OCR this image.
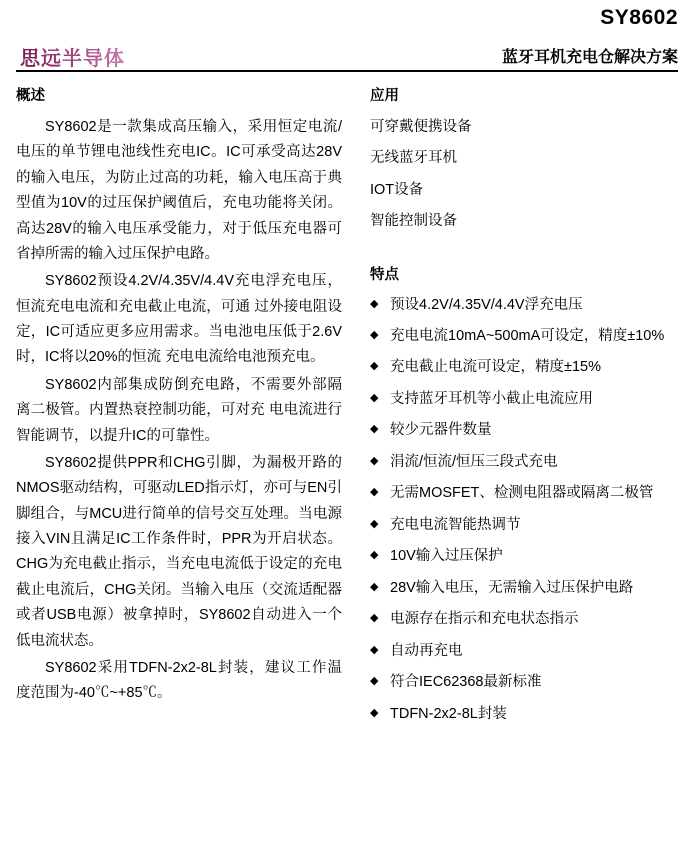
SY8602
思远半导体	蓝牙耳机充电仓解决方案
概述

SY8602是一款集成高压输入，采用恒定电流/电压的单节锂电池线性充电IC。IC可承受高达28V的输入电压，为防止过高的功耗，输入电压高于典型值为10V的过压保护阈值后，充电功能将关闭。高达28V的输入电压承受能力，对于低压充电器可省掉所需的输入过压保护电路。

SY8602预设4.2V/4.35V/4.4V充电浮充电压，恒流充电电流和充电截止电流，可通 过外接电阻设定，IC可适应更多应用需求。当电池电压低于2.6V时，IC将以20%的恒流 充电电流给电池预充电。

SY8602内部集成防倒充电路，不需要外部隔离二极管。内置热衰控制功能，可对充 电电流进行智能调节，以提升IC的可靠性。

SY8602提供PPR和CHG引脚，为漏极开路的NMOS驱动结构，可驱动LED指示灯，亦可与EN引脚组合，与MCU进行简单的信号交互处理。当电源接入VIN且满足IC工作条件时，PPR为开启状态。CHG为充电截止指示，当充电电流低于设定的充电截止电流后，CHG关闭。当输入电压（交流适配器或者USB电源）被拿掉时，SY8602自动进入一个低电流状态。

SY8602采用TDFN-2x2-8L封装，建议工作温度范围为-40℃~+85℃。

应用
可穿戴便携设备
无线蓝牙耳机
IOT设备
智能控制设备
特点
◆ 预设4.2V/4.35V/4.4V浮充电压
◆ 充电电流10mA~500mA可设定，精度±10%
◆ 充电截止电流可设定，精度±15%
◆ 支持蓝牙耳机等小截止电流应用
◆ 较少元器件数量
◆ 涓流/恒流/恒压三段式充电
◆ 无需MOSFET、检测电阻器或隔离二极管
◆ 充电电流智能热调节
◆ 10V输入过压保护
◆ 28V输入电压，无需输入过压保护电路
◆ 电源存在指示和充电状态指示
◆ 自动再充电
◆ 符合IEC62368最新标准
◆ TDFN-2x2-8L封装
